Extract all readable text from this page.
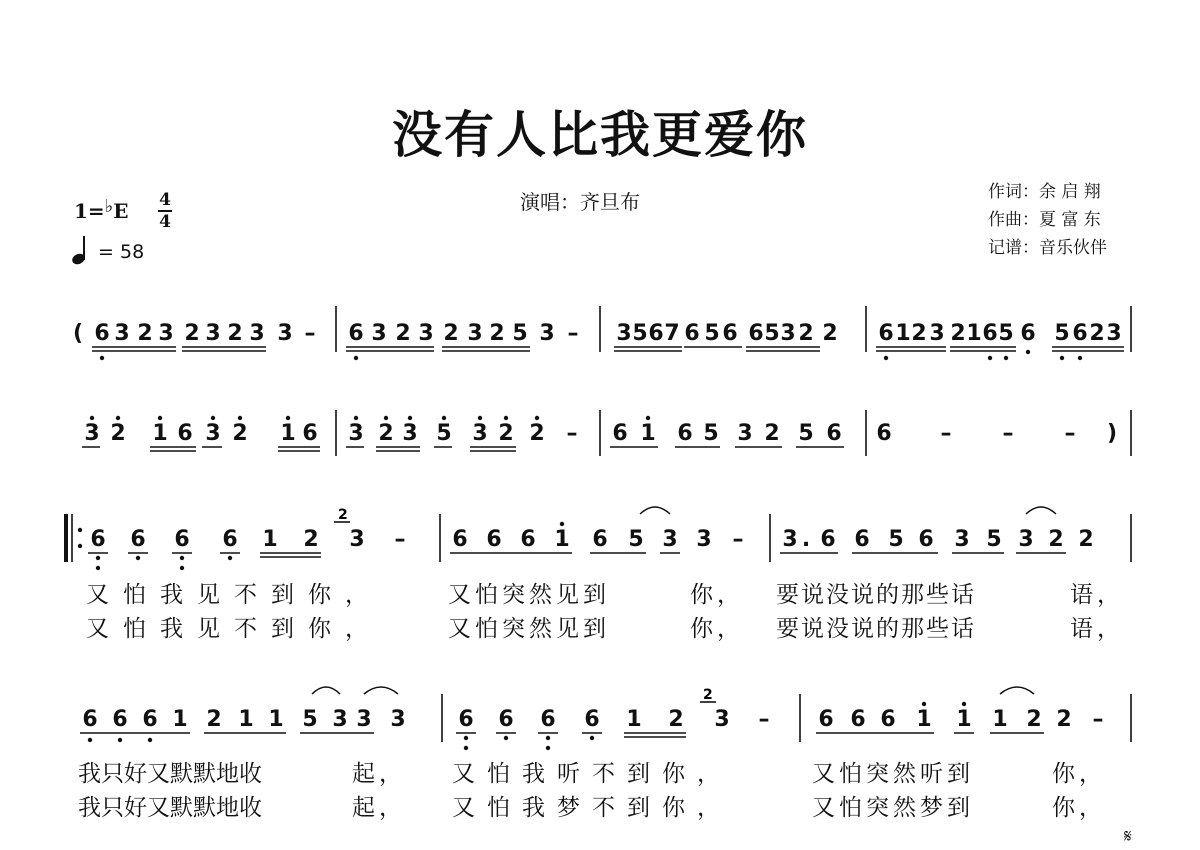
没有人比我更爱你
演唱：齐旦布	作词：余 启 翔
作曲：夏 富 东
记谱：音乐伙伴
1=♭E 4
4
= 58
( 6 3 2 3 2 3 2 3 3 – 6 3 2 3 2 3 2 5 3 – 3 5 6 7 6 5 6 6 5 3 2 2 6 1 2 3 2 1 6 5 6 5 6 2 3
3 2 1 6 3 2 1 6 3 2 3 5 3 2 2 – 6 1 6 5 3 2 5 6 6 – – – )
6 6 6 6 1 2 3 – 6 6 6 1 6 5 3 3 – 3 . 6 6 5 6 3 5 3 2 2
2
6 6 6 1 2 1 1 5 3 3 3 6 6 6 6 1 2 3 – 6 6 6 1 1 1 2 2 –
2
又怕我见不到你，	又怕突然见到	你， 要说没说的那些话	语，
又怕我见不到你，	又怕突然见到	你， 要说没说的那些话	语，
我只好又默默地收	起， 又怕我听不到你，	又怕突然听到	你，
我只好又默默地收	起， 又怕我梦不到你，	又怕突然梦到	你，
𝄋
